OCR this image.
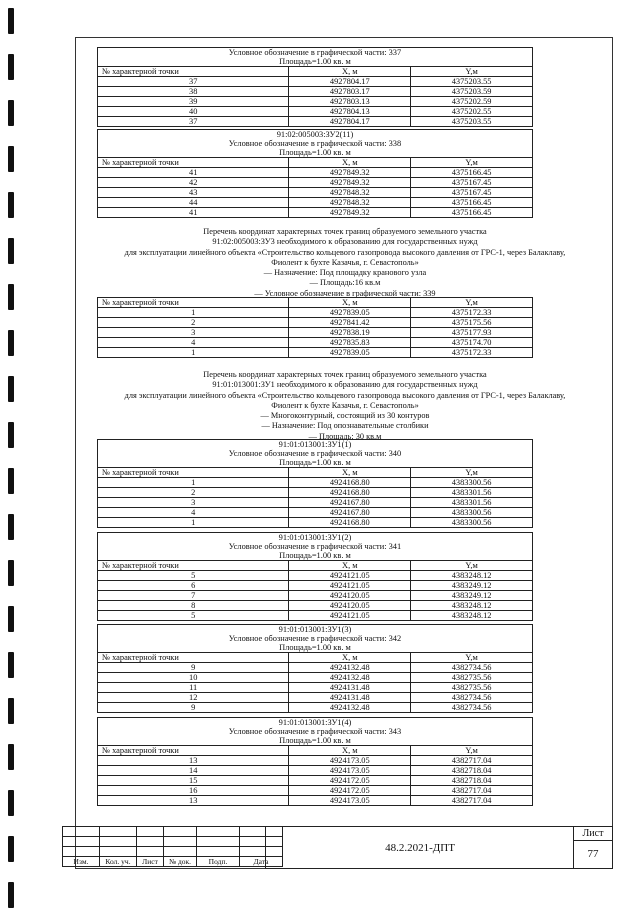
Условное обозначение в графической части: 337		
Площадь=1.00 кв. м		
№ характерной точки	X, м	Y,м
37	4927804.17	4375203.55
38	4927803.17	4375203.59
39	4927803.13	4375202.59
40	4927804.13	4375202.55
37	4927804.17	4375203.55
91:02:005003:ЗУ2(11)		
Условное обозначение в графической части: 338		
Площадь=1.00 кв. м		
№ характерной точки	X, м	Y,м
41	4927849.32	4375166.45
42	4927849.32	4375167.45
43	4927848.32	4375167.45
44	4927848.32	4375166.45
41	4927849.32	4375166.45
Перечень координат характерных точек границ образуемого земельного участка
91:02:005003:ЗУ3 необходимого к образованию для государственных нужд
для эксплуатации линейного объекта «Строительство кольцевого газопровода высокого давления от ГРС-1, через Балаклаву,
Фиолент к бухте Казачья, г. Севастополь»
— Назначение: Под площадку кранового узла
— Площадь:16 кв.м
— Условное обозначение в графической части: 339
№ характерной точки	X, м	Y,м
1	4927839.05	4375172.33
2	4927841.42	4375175.56
3	4927838.19	4375177.93
4	4927835.83	4375174.70
1	4927839.05	4375172.33
Перечень координат характерных точек границ образуемого земельного участка
91:01:013001:ЗУ1 необходимого к образованию для государственных нужд
для эксплуатации линейного объекта «Строительство кольцевого газопровода высокого давления от ГРС-1, через Балаклаву,
Фиолент к бухте Казачья, г. Севастополь»
— Многоконтурный, состоящий из 30 контуров
— Назначение: Под опознавательные столбики
— Площадь: 30 кв.м
91:01:013001:ЗУ1(1)		
Условное обозначение в графической части: 340		
Площадь=1.00 кв. м		
№ характерной точки	X, м	Y,м
1	4924168.80	4383300.56
2	4924168.80	4383301.56
3	4924167.80	4383301.56
4	4924167.80	4383300.56
1	4924168.80	4383300.56
91:01:013001:ЗУ1(2)		
Условное обозначение в графической части: 341		
Площадь=1.00 кв. м		
№ характерной точки	X, м	Y,м
5	4924121.05	4383248.12
6	4924121.05	4383249.12
7	4924120.05	4383249.12
8	4924120.05	4383248.12
5	4924121.05	4383248.12
91:01:013001:ЗУ1(3)		
Условное обозначение в графической части: 342		
Площадь=1.00 кв. м		
№ характерной точки	X, м	Y,м
9	4924132.48	4382734.56
10	4924132.48	4382735.56
11	4924131.48	4382735.56
12	4924131.48	4382734.56
9	4924132.48	4382734.56
91:01:013001:ЗУ1(4)		
Условное обозначение в графической части: 343		
Площадь=1.00 кв. м		
№ характерной точки	X, м	Y,м
13	4924173.05	4382717.04
14	4924173.05	4382718.04
15	4924172.05	4382718.04
16	4924172.05	4382717.04
13	4924173.05	4382717.04

Изм.	Кол. уч.	Лист	№ док.	Подп.	Дата
48.2.2021-ДПТ
Лист
77
